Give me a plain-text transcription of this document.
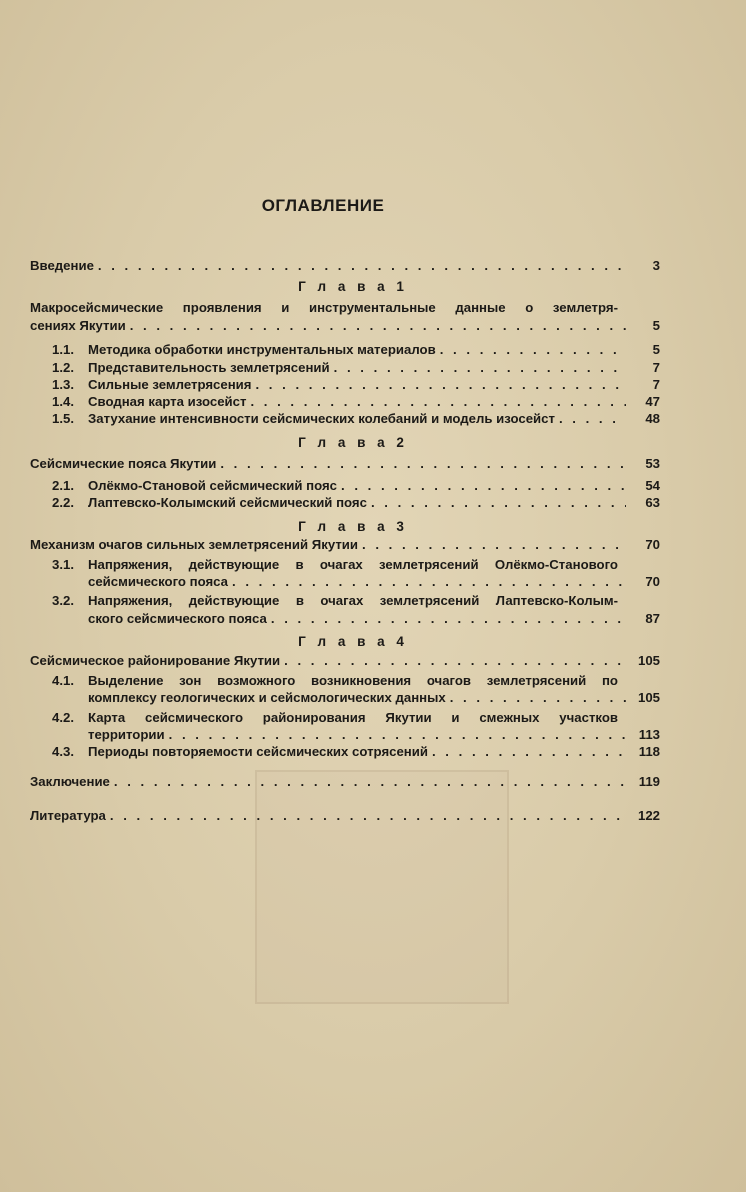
ОГЛАВЛЕНИЕ
Введение . . .	3
Г л а в а 1
Макросейсмические проявления и инструментальные данные о землетря-
сениях Якутии . . .	5
1.1. Методика обработки инструментальных материалов . . .	5
1.2. Представительность землетрясений . . .	7
1.3. Сильные землетрясения . . .	7
1.4. Сводная карта изосейст . . .	47
1.5. Затухание интенсивности сейсмических колебаний и модель изосейст . . .	48
Г л а в а 2
Сейсмические пояса Якутии . . .	53
2.1. Олёкмо-Становой сейсмический пояс . . .	54
2.2. Лаптевско-Колымский сейсмический пояс . . .	63
Г л а в а 3
Механизм очагов сильных землетрясений Якутии . . .	70
3.1. Напряжения, действующие в очагах землетрясений Олёкмо-Станового
сейсмического пояса . . .	70
3.2. Напряжения, действующие в очагах землетрясений Лаптевско-Колым-
ского сейсмического пояса . . .	87
Г л а в а 4
Сейсмическое районирование Якутии . . .	105
4.1. Выделение зон возможного возникновения очагов землетрясений по
комплексу геологических и сейсмологических данных . . .	105
4.2. Карта сейсмического районирования Якутии и смежных участков
территории . . .	113
4.3. Периоды повторяемости сейсмических сотрясений . . .	118
Заключение . . .	119
Литература . . .	122
